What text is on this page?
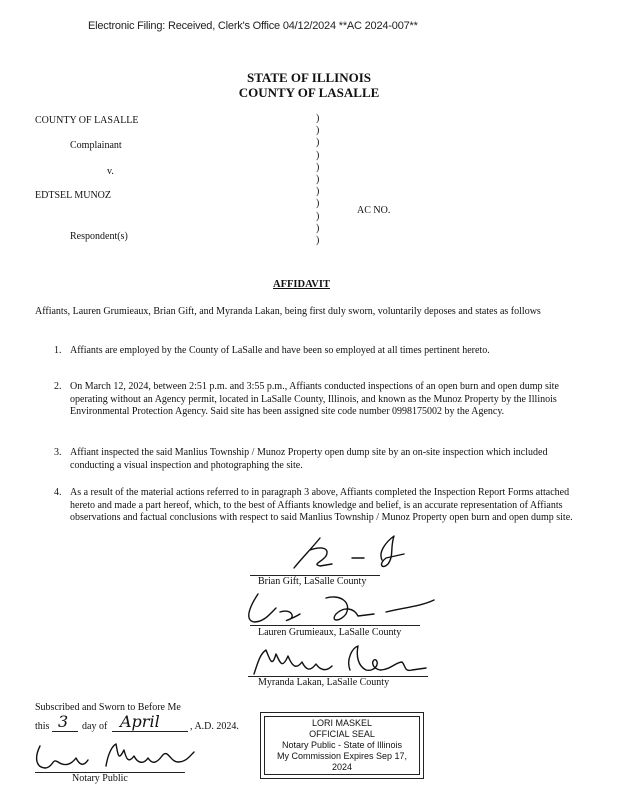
Electronic Filing: Received, Clerk's Office 04/12/2024 **AC 2024-007**
STATE OF ILLINOIS
COUNTY OF LASALLE
COUNTY OF LASALLE
Complainant
v.
EDTSEL MUNOZ
Respondent(s)
AC NO.
)
)
)
)
)
)
)
)
)
)
)
AFFIDAVIT
Affiants, Lauren Grumieaux, Brian Gift, and Myranda Lakan, being first duly sworn, voluntarily deposes and states as follows
1. Affiants are employed by the County of LaSalle and have been so employed at all times pertinent hereto.
2. On March 12, 2024, between 2:51 p.m. and 3:55 p.m., Affiants conducted inspections of an open burn and open dump site operating without an Agency permit, located in LaSalle County, Illinois, and known as the Munoz Property by the Illinois Environmental Protection Agency. Said site has been assigned site code number 0998175002 by the Agency.
3. Affiant inspected the said Manlius Township / Munoz Property open dump site by an on-site inspection which included conducting a visual inspection and photographing the site.
4. As a result of the material actions referred to in paragraph 3 above, Affiants completed the Inspection Report Forms attached hereto and made a part hereof, which, to the best of Affiants knowledge and belief, is an accurate representation of Affiants observations and factual conclusions with respect to said Manlius Township / Munoz Property open burn and open dump site.
Brian Gift, LaSalle County
Lauren Grumieaux, LaSalle County
Myranda Lakan, LaSalle County
Subscribed and Sworn to Before Me
this 3 day of April	, A.D. 2024.
Notary Public
LORI MASKEL
OFFICIAL SEAL
Notary Public - State of Illinois
My Commission Expires Sep 17, 2024
